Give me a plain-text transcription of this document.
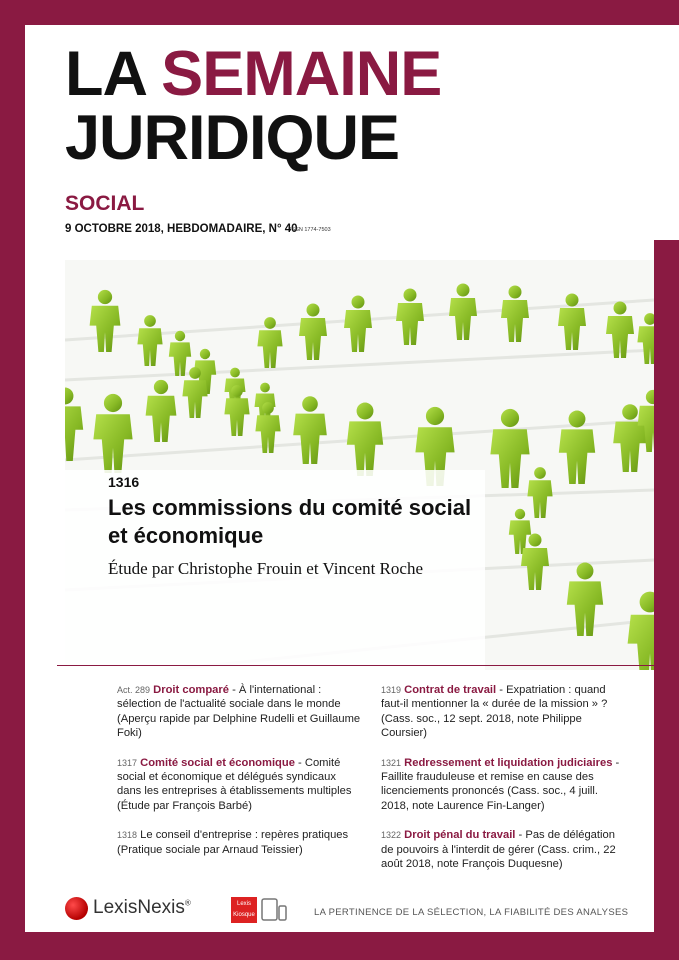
LA SEMAINE
JURIDIQUE
SOCIAL
9 OCTOBRE 2018, HEBDOMADAIRE, N° 40
ISSN 1774-7503
1316
Les commissions du comité social et économique
Étude par Christophe Frouin et Vincent Roche
Act. 289 Droit comparé - À l'international : sélection de l'actualité sociale dans le monde (Aperçu rapide par Delphine Rudelli et Guillaume Foki)
1317 Comité social et économique - Comité social et économique et délégués syndicaux dans les entreprises à établissements multiples (Étude par François Barbé)
1318 Le conseil d'entreprise : repères pratiques (Pratique sociale par Arnaud Teissier)
1319 Contrat de travail - Expatriation : quand faut-il mentionner la « durée de la mission » ? (Cass. soc., 12 sept. 2018, note Philippe Coursier)
1321 Redressement et liquidation judiciaires - Faillite frauduleuse et remise en cause des licenciements prononcés (Cass. soc., 4 juill. 2018, note Laurence Fin-Langer)
1322 Droit pénal du travail - Pas de délégation de pouvoirs à l'interdit de gérer (Cass. crim., 22 août 2018, note François Duquesne)
LexisNexis®	Lexis
Kiosque	LA PERTINENCE DE LA SÉLECTION, LA FIABILITÉ DES ANALYSES
